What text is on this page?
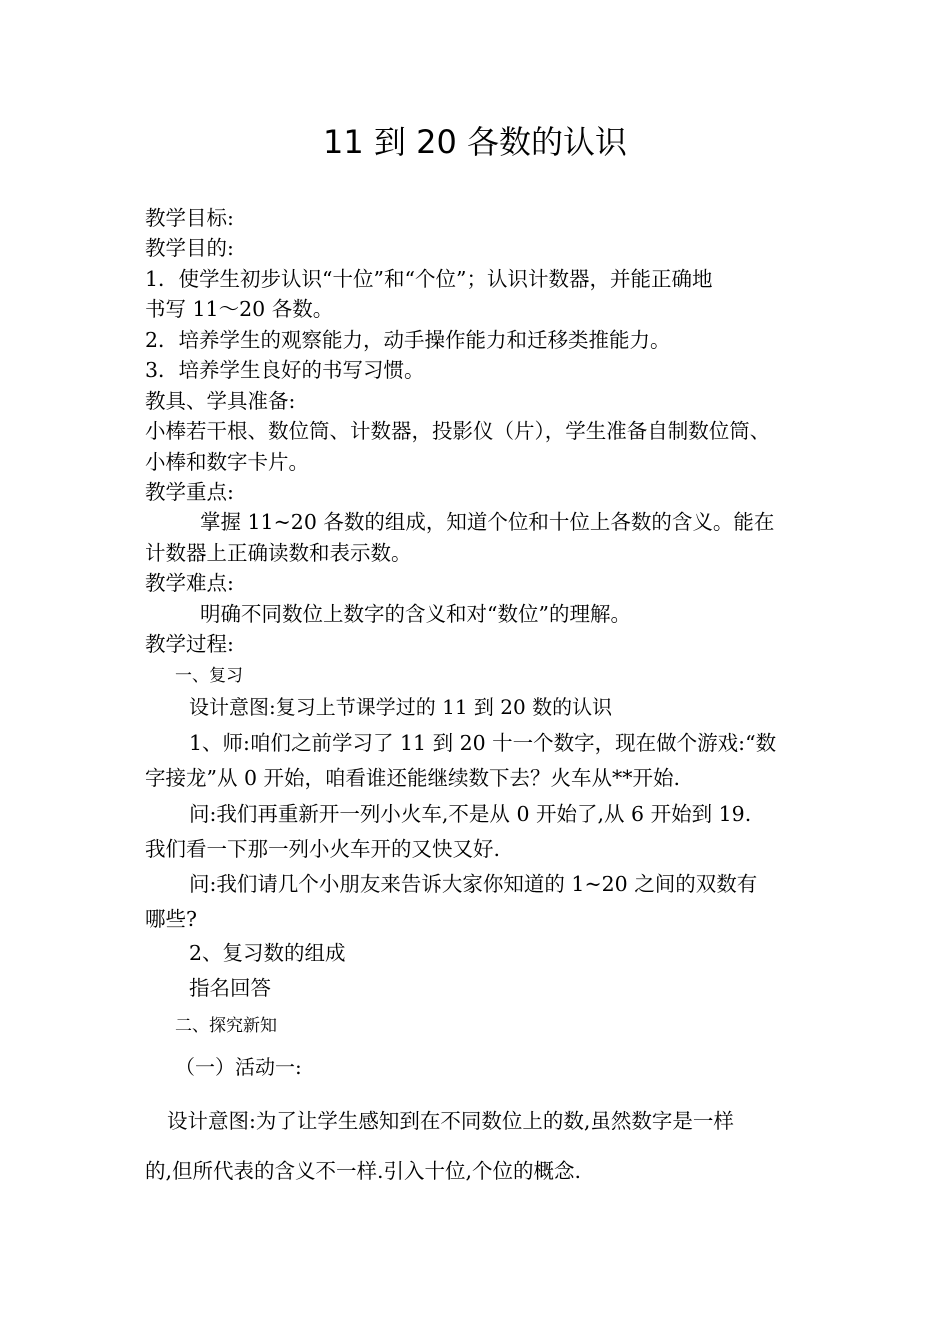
11 到 20 各数的认识
教学目标:
教学目的:
1．使学生初步认识“十位”和“个位”；认识计数器，并能正确地
书写 11～20 各数。
2．培养学生的观察能力，动手操作能力和迁移类推能力。
3．培养学生良好的书写习惯。
教具、学具准备:
小棒若干根、数位筒、计数器，投影仪（片），学生准备自制数位筒、
小棒和数字卡片。
教学重点:
掌握 11~20 各数的组成，知道个位和十位上各数的含义。能在
计数器上正确读数和表示数。
教学难点:
明确不同数位上数字的含义和对“数位”的理解。
教学过程:
一、复习
设计意图:复习上节课学过的 11 到 20 数的认识
1、师:咱们之前学习了 11 到 20 十一个数字，现在做个游戏:“数
字接龙”从 0 开始，咱看谁还能继续数下去？火车从**开始.
问:我们再重新开一列小火车,不是从 0 开始了,从 6 开始到 19.
我们看一下那一列小火车开的又快又好.
问:我们请几个小朋友来告诉大家你知道的 1~20 之间的双数有
哪些?
2、复习数的组成
指名回答
二、探究新知
（一）活动一:
设计意图:为了让学生感知到在不同数位上的数,虽然数字是一样
的,但所代表的含义不一样.引入十位,个位的概念.
